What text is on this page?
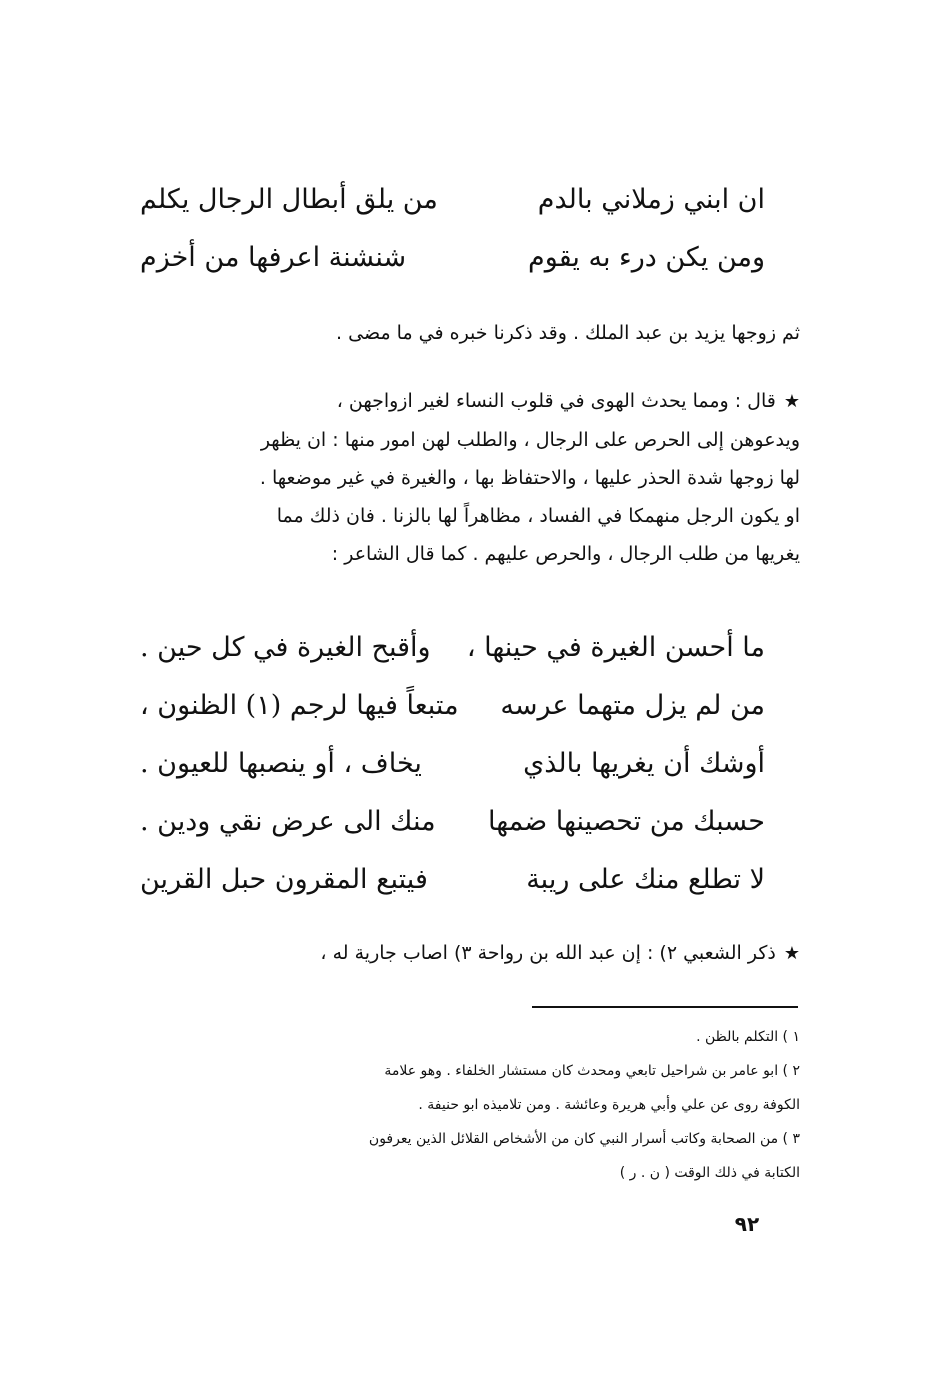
ان ابني زملاني بالدم
من يلق أبطال الرجال يكلم
ومن يكن درء به يقوم
شنشنة اعرفها من أخزم
ثم زوجها يزيد بن عبد الملك . وقد ذكرنا خبره في ما مضى .
★قال : ومما يحدث الهوى في قلوب النساء لغير ازواجهن ،
ويدعوهن إلى الحرص على الرجال ، والطلب لهن امور منها : ان يظهر
لها زوجها شدة الحذر عليها ، والاحتفاظ بها ، والغيرة في غير موضعها .
او يكون الرجل منهمكا في الفساد ، مظاهراً لها بالزنا . فان ذلك مما
يغريها من طلب الرجال ، والحرص عليهم . كما قال الشاعر :
ما أحسن الغيرة في حينها ،
وأقبح الغيرة في كل حين .
من لم يزل متهما عرسه
متبعاً فيها لرجم (١) الظنون ،
أوشك أن يغريها بالذي
يخاف ، أو ينصبها للعيون .
حسبك من تحصينها ضمها
منك الى عرض نقي ودين .
لا تطلع منك على ريبة
فيتبع المقرون حبل القرين
★ذكر الشعبي ٢) : إن عبد الله بن رواحة ٣) اصاب جارية له ،
١ ) التكلم بالظن .
٢ ) ابو عامر بن شراحيل تابعي ومحدث كان مستشار الخلفاء . وهو علامة
الكوفة روى عن علي وأبي هريرة وعائشة . ومن تلاميذه ابو حنيفة .
٣ ) من الصحابة وكاتب أسرار النبي كان من الأشخاص القلائل الذين يعرفون
الكتابة في ذلك الوقت ( ن . ر )
٩٢
